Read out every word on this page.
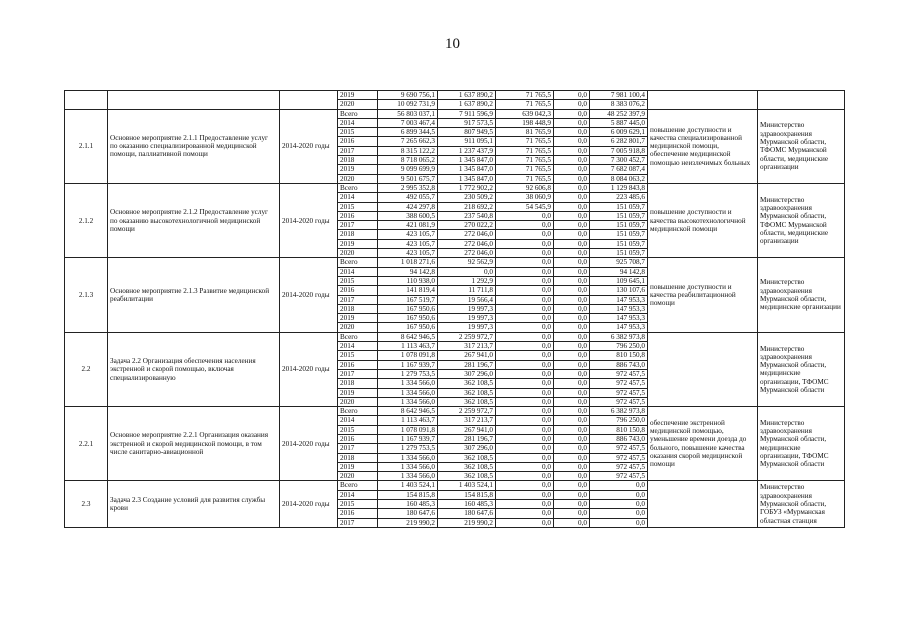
10
			2019	9 690 756,1	1 637 890,2	71 765,5	0,0	7 981 100,4		
			2020	10 092 731,9	1 637 890,2	71 765,5	0,0	8 383 076,2		
2.1.1	Основное мероприятие 2.1.1 Предоставление услуг по оказанию специализированной медицинской помощи, паллиативной помощи	2014-2020 годы	Всего	56 803 037,1	7 911 596,9	639 042,3	0,0	48 252 397,9	повышение доступности и качества специализированной медицинской помощи, обеспечение медицинской помощью неизлечимых больных	Министерство здравоохранения Мурманской области, ТФОМС Мурманской области, медицинские организации
			2014	7 003 467,4	917 573,5	198 448,9	0,0	5 887 445,0		
			2015	6 899 344,5	807 949,5	81 765,9	0,0	6 009 629,1		
			2016	7 265 662,3	911 095,1	71 765,5	0,0	6 282 801,7		
			2017	8 315 122,2	1 237 437,9	71 765,5	0,0	7 005 918,8		
			2018	8 718 065,2	1 345 847,0	71 765,5	0,0	7 300 452,7		
			2019	9 099 699,9	1 345 847,0	71 765,5	0,0	7 682 087,4		
			2020	9 501 675,7	1 345 847,0	71 765,5	0,0	8 084 063,2		
2.1.2	Основное мероприятие 2.1.2 Предоставление услуг по оказанию высокотехнологичной медицинской помощи	2014-2020 годы	Всего	2 995 352,8	1 772 902,2	92 606,8	0,0	1 129 843,8	повышение доступности и качества высокотехнологичной медицинской помощи	Министерство здравоохранения Мурманской области, ТФОМС Мурманской области, медицинские организации
			2014	492 055,7	230 509,2	38 060,9	0,0	223 485,6		
			2015	424 297,8	218 692,2	54 545,9	0,0	151 059,7		
			2016	388 600,5	237 540,8	0,0	0,0	151 059,7		
			2017	421 081,9	270 022,2	0,0	0,0	151 059,7		
			2018	423 105,7	272 046,0	0,0	0,0	151 059,7		
			2019	423 105,7	272 046,0	0,0	0,0	151 059,7		
			2020	423 105,7	272 046,0	0,0	0,0	151 059,7		
2.1.3	Основное мероприятие 2.1.3 Развитие медицинской реабилитации	2014-2020 годы	Всего	1 018 271,6	92 562,9	0,0	0,0	925 708,7	повышение доступности и качества реабилитационной помощи	Министерство здравоохранения Мурманской области, медицинские организации
			2014	94 142,8	0,0	0,0	0,0	94 142,8		
			2015	110 938,0	1 292,9	0,0	0,0	109 645,1		
			2016	141 819,4	11 711,8	0,0	0,0	130 107,6		
			2017	167 519,7	19 566,4	0,0	0,0	147 953,3		
			2018	167 950,6	19 997,3	0,0	0,0	147 953,3		
			2019	167 950,6	19 997,3	0,0	0,0	147 953,3		
			2020	167 950,6	19 997,3	0,0	0,0	147 953,3		
2.2	Задача 2.2 Организация обеспечения населения экстренной и скорой помощью, включая специализированную	2014-2020 годы	Всего	8 642 946,5	2 259 972,7	0,0	0,0	6 382 973,8		Министерство здравоохранения Мурманской области, медицинские организации, ТФОМС Мурманской области
			2014	1 113 463,7	317 213,7	0,0	0,0	796 250,0		
			2015	1 078 091,8	267 941,0	0,0	0,0	810 150,8		
			2016	1 167 939,7	281 196,7	0,0	0,0	886 743,0		
			2017	1 279 753,5	307 296,0	0,0	0,0	972 457,5		
			2018	1 334 566,0	362 108,5	0,0	0,0	972 457,5		
			2019	1 334 566,0	362 108,5	0,0	0,0	972 457,5		
			2020	1 334 566,0	362 108,5	0,0	0,0	972 457,5		
2.2.1	Основное мероприятие 2.2.1 Организация оказания экстренной и скорой медицинской помощи, в том числе санитарно-авиационной	2014-2020 годы	Всего	8 642 946,5	2 259 972,7	0,0	0,0	6 382 973,8	обеспечение экстренной медицинской помощью, уменьшение времени доезда до больного, повышение качества оказания скорой медицинской помощи	Министерство здравоохранения Мурманской области, медицинские организации, ТФОМС Мурманской области
			2014	1 113 463,7	317 213,7	0,0	0,0	796 250,0		
			2015	1 078 091,8	267 941,0	0,0	0,0	810 150,8		
			2016	1 167 939,7	281 196,7	0,0	0,0	886 743,0		
			2017	1 279 753,5	307 296,0	0,0	0,0	972 457,5		
			2018	1 334 566,0	362 108,5	0,0	0,0	972 457,5		
			2019	1 334 566,0	362 108,5	0,0	0,0	972 457,5		
			2020	1 334 566,0	362 108,5	0,0	0,0	972 457,5		
2.3	Задача 2.3 Создание условий для развития службы крови	2014-2020 годы	Всего	1 403 524,1	1 403 524,1	0,0	0,0	0,0		Министерство здравоохранения Мурманской области, ГОБУЗ «Мурманская областная станция
			2014	154 815,8	154 815,8	0,0	0,0	0,0		
			2015	160 485,3	160 485,3	0,0	0,0	0,0		
			2016	180 647,6	180 647,6	0,0	0,0	0,0		
			2017	219 990,2	219 990,2	0,0	0,0	0,0		
